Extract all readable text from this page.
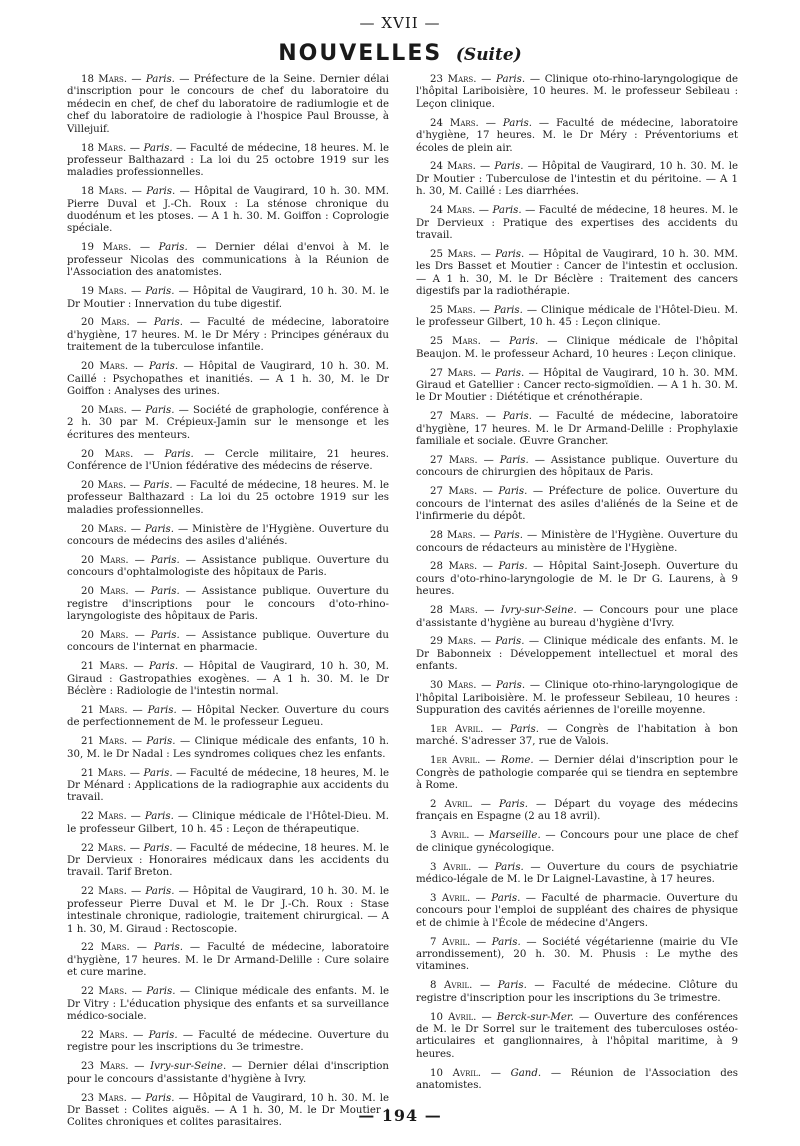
— XVII —
NOUVELLES (Suite)

18 Mars. — Paris. — Préfecture de la Seine. Dernier délai d'inscription pour le concours de chef du laboratoire du médecin en chef, de chef du laboratoire de radiumlogie et de chef du laboratoire de radiologie à l'hospice Paul Brousse, à Villejuif.

18 Mars. — Paris. — Faculté de médecine, 18 heures. M. le professeur Balthazard : La loi du 25 octobre 1919 sur les maladies professionnelles.

18 Mars. — Paris. — Hôpital de Vaugirard, 10 h. 30. MM. Pierre Duval et J.-Ch. Roux : La sténose chronique du duodénum et les ptoses. — A 1 h. 30. M. Goiffon : Coprologie spéciale.

19 Mars. — Paris. — Dernier délai d'envoi à M. le professeur Nicolas des communications à la Réunion de l'Association des anatomistes.

19 Mars. — Paris. — Hôpital de Vaugirard, 10 h. 30. M. le Dr Moutier : Innervation du tube digestif.

20 Mars. — Paris. — Faculté de médecine, laboratoire d'hygiène, 17 heures. M. le Dr Méry : Principes généraux du traitement de la tuberculose infantile.

20 Mars. — Paris. — Hôpital de Vaugirard, 10 h. 30. M. Caillé : Psychopathes et inanitiés. — A 1 h. 30, M. le Dr Goiffon : Analyses des urines.

20 Mars. — Paris. — Société de graphologie, conférence à 2 h. 30 par M. Crépieux-Jamin sur le mensonge et les écritures des menteurs.

20 Mars. — Paris. — Cercle militaire, 21 heures. Conférence de l'Union fédérative des médecins de réserve.

20 Mars. — Paris. — Faculté de médecine, 18 heures. M. le professeur Balthazard : La loi du 25 octobre 1919 sur les maladies professionnelles.

20 Mars. — Paris. — Ministère de l'Hygiène. Ouverture du concours de médecins des asiles d'aliénés.

20 Mars. — Paris. — Assistance publique. Ouverture du concours d'ophtalmologiste des hôpitaux de Paris.

20 Mars. — Paris. — Assistance publique. Ouverture du registre d'inscriptions pour le concours d'oto-rhino-laryngologiste des hôpitaux de Paris.

20 Mars. — Paris. — Assistance publique. Ouverture du concours de l'internat en pharmacie.

21 Mars. — Paris. — Hôpital de Vaugirard, 10 h. 30, M. Giraud : Gastropathies exogènes. — A 1 h. 30. M. le Dr Béclère : Radiologie de l'intestin normal.

21 Mars. — Paris. — Hôpital Necker. Ouverture du cours de perfectionnement de M. le professeur Legueu.

21 Mars. — Paris. — Clinique médicale des enfants, 10 h. 30, M. le Dr Nadal : Les syndromes coliques chez les enfants.

21 Mars. — Paris. — Faculté de médecine, 18 heures, M. le Dr Ménard : Applications de la radiographie aux accidents du travail.

22 Mars. — Paris. — Clinique médicale de l'Hôtel-Dieu. M. le professeur Gilbert, 10 h. 45 : Leçon de thérapeutique.

22 Mars. — Paris. — Faculté de médecine, 18 heures. M. le Dr Dervieux : Honoraires médicaux dans les accidents du travail. Tarif Breton.

22 Mars. — Paris. — Hôpital de Vaugirard, 10 h. 30. M. le professeur Pierre Duval et M. le Dr J.-Ch. Roux : Stase intestinale chronique, radiologie, traitement chirurgical. — A 1 h. 30, M. Giraud : Rectoscopie.

22 Mars. — Paris. — Faculté de médecine, laboratoire d'hygiène, 17 heures. M. le Dr Armand-Delille : Cure solaire et cure marine.

22 Mars. — Paris. — Clinique médicale des enfants. M. le Dr Vitry : L'éducation physique des enfants et sa surveillance médico-sociale.

22 Mars. — Paris. — Faculté de médecine. Ouverture du registre pour les inscriptions du 3e trimestre.

23 Mars. — Ivry-sur-Seine. — Dernier délai d'inscription pour le concours d'assistante d'hygiène à Ivry.

23 Mars. — Paris. — Hôpital de Vaugirard, 10 h. 30. M. le Dr Basset : Colites aiguës. — A 1 h. 30, M. le Dr Moutier : Colites chroniques et colites parasitaires.

23 Mars. — Paris. — Clinique oto-rhino-laryngologique de l'hôpital Lariboisière, 10 heures. M. le professeur Sebileau : Leçon clinique.

24 Mars. — Paris. — Faculté de médecine, laboratoire d'hygiène, 17 heures. M. le Dr Méry : Préventoriums et écoles de plein air.

24 Mars. — Paris. — Hôpital de Vaugirard, 10 h. 30. M. le Dr Moutier : Tuberculose de l'intestin et du péritoine. — A 1 h. 30, M. Caillé : Les diarrhées.

24 Mars. — Paris. — Faculté de médecine, 18 heures. M. le Dr Dervieux : Pratique des expertises des accidents du travail.

25 Mars. — Paris. — Hôpital de Vaugirard, 10 h. 30. MM. les Drs Basset et Moutier : Cancer de l'intestin et occlusion. — A 1 h. 30, M. le Dr Béclère : Traitement des cancers digestifs par la radiothérapie.

25 Mars. — Paris. — Clinique médicale de l'Hôtel-Dieu. M. le professeur Gilbert, 10 h. 45 : Leçon clinique.

25 Mars. — Paris. — Clinique médicale de l'hôpital Beaujon. M. le professeur Achard, 10 heures : Leçon clinique.

27 Mars. — Paris. — Hôpital de Vaugirard, 10 h. 30. MM. Giraud et Gatellier : Cancer recto-sigmoïdien. — A 1 h. 30. M. le Dr Moutier : Diététique et crénothérapie.

27 Mars. — Paris. — Faculté de médecine, laboratoire d'hygiène, 17 heures. M. le Dr Armand-Delille : Prophylaxie familiale et sociale. Œuvre Grancher.

27 Mars. — Paris. — Assistance publique. Ouverture du concours de chirurgien des hôpitaux de Paris.

27 Mars. — Paris. — Préfecture de police. Ouverture du concours de l'internat des asiles d'aliénés de la Seine et de l'infirmerie du dépôt.

28 Mars. — Paris. — Ministère de l'Hygiène. Ouverture du concours de rédacteurs au ministère de l'Hygiène.

28 Mars. — Paris. — Hôpital Saint-Joseph. Ouverture du cours d'oto-rhino-laryngologie de M. le Dr G. Laurens, à 9 heures.

28 Mars. — Ivry-sur-Seine. — Concours pour une place d'assistante d'hygiène au bureau d'hygiène d'Ivry.

29 Mars. — Paris. — Clinique médicale des enfants. M. le Dr Babonneix : Développement intellectuel et moral des enfants.

30 Mars. — Paris. — Clinique oto-rhino-laryngologique de l'hôpital Lariboisière. M. le professeur Sebileau, 10 heures : Suppuration des cavités aériennes de l'oreille moyenne.

1er Avril. — Paris. — Congrès de l'habitation à bon marché. S'adresser 37, rue de Valois.

1er Avril. — Rome. — Dernier délai d'inscription pour le Congrès de pathologie comparée qui se tiendra en septembre à Rome.

2 Avril. — Paris. — Départ du voyage des médecins français en Espagne (2 au 18 avril).

3 Avril. — Marseille. — Concours pour une place de chef de clinique gynécologique.

3 Avril. — Paris. — Ouverture du cours de psychiatrie médico-légale de M. le Dr Laignel-Lavastine, à 17 heures.

3 Avril. — Paris. — Faculté de pharmacie. Ouverture du concours pour l'emploi de suppléant des chaires de physique et de chimie à l'École de médecine d'Angers.

7 Avril. — Paris. — Société végétarienne (mairie du VIe arrondissement), 20 h. 30. M. Phusis : Le mythe des vitamines.

8 Avril. — Paris. — Faculté de médecine. Clôture du registre d'inscription pour les inscriptions du 3e trimestre.

10 Avril. — Berck-sur-Mer. — Ouverture des conférences de M. le Dr Sorrel sur le traitement des tuberculoses ostéo-articulaires et ganglionnaires, à l'hôpital maritime, à 9 heures.

10 Avril. — Gand. — Réunion de l'Association des anatomistes.

— 194 —
